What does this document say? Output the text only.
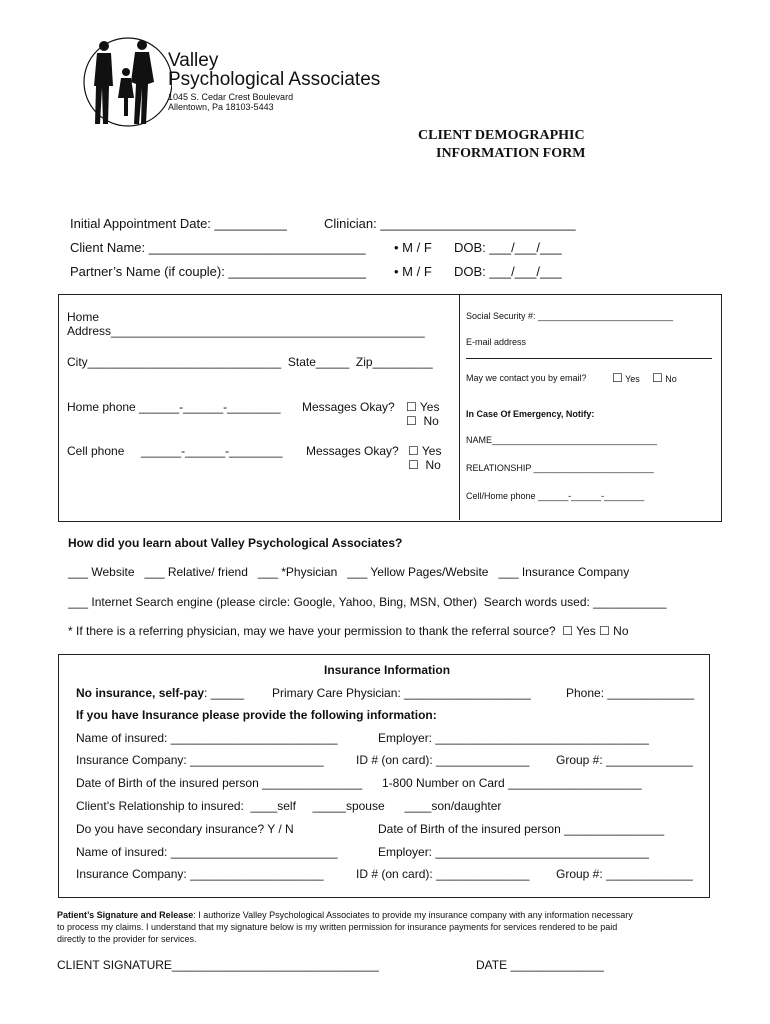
Valley
Psychological Associates
1045 S. Cedar Crest Boulevard
Allentown, Pa 18103-5443
CLIENT DEMOGRAPHIC
INFORMATION FORM
Initial Appointment Date: __________	Clinician: ___________________________
Client Name: ______________________________ • M / F DOB: ___/___/___
Partner’s Name (if couple): ___________________ • M / F DOB: ___/___/___
Home
Address_______________________________________________
City_____________________________  State_____  Zip_________
Home phone ______-______-________ Messages Okay? ☐ Yes
☐ No
Cell phone     ______-______-________ Messages Okay? ☐ Yes
☐ No
Social Security #: ___________________________
E-mail address
May we contact you by email? ☐ Yes ☐ No
In Case Of Emergency, Notify:
NAME_________________________________
RELATIONSHIP ________________________
Cell/Home phone ______-______-________
How did you learn about Valley Psychological Associates?
___ Website   ___ Relative/ friend   ___ *Physician   ___ Yellow Pages/Website   ___ Insurance Company
___ Internet Search engine (please circle: Google, Yahoo, Bing, MSN, Other)  Search words used: ___________
* If there is a referring physician, may we have your permission to thank the referral source? ☐ Yes ☐ No
Insurance Information
No insurance, self-pay: _____ Primary Care Physician: ___________________	Phone: _____________
If you have Insurance please provide the following information:
Name of insured: _________________________	Employer: ________________________________
Insurance Company: ____________________	ID # (on card): ______________ Group #: _____________
Date of Birth of the insured person _______________ 1-800 Number on Card ____________________
Client’s Relationship to insured:  ____self     _____spouse      ____son/daughter
Do you have secondary insurance? Y / N	Date of Birth of the insured person _______________
Name of insured: _________________________	Employer: ________________________________
Insurance Company: ____________________	ID # (on card): ______________ Group #: _____________
Patient’s Signature and Release: I authorize Valley Psychological Associates to provide my insurance company with any information necessary
to process my claims. I understand that my signature below is my written permission for insurance payments for services rendered to be paid
directly to the provider for services.
CLIENT SIGNATURE_______________________________	DATE ______________
